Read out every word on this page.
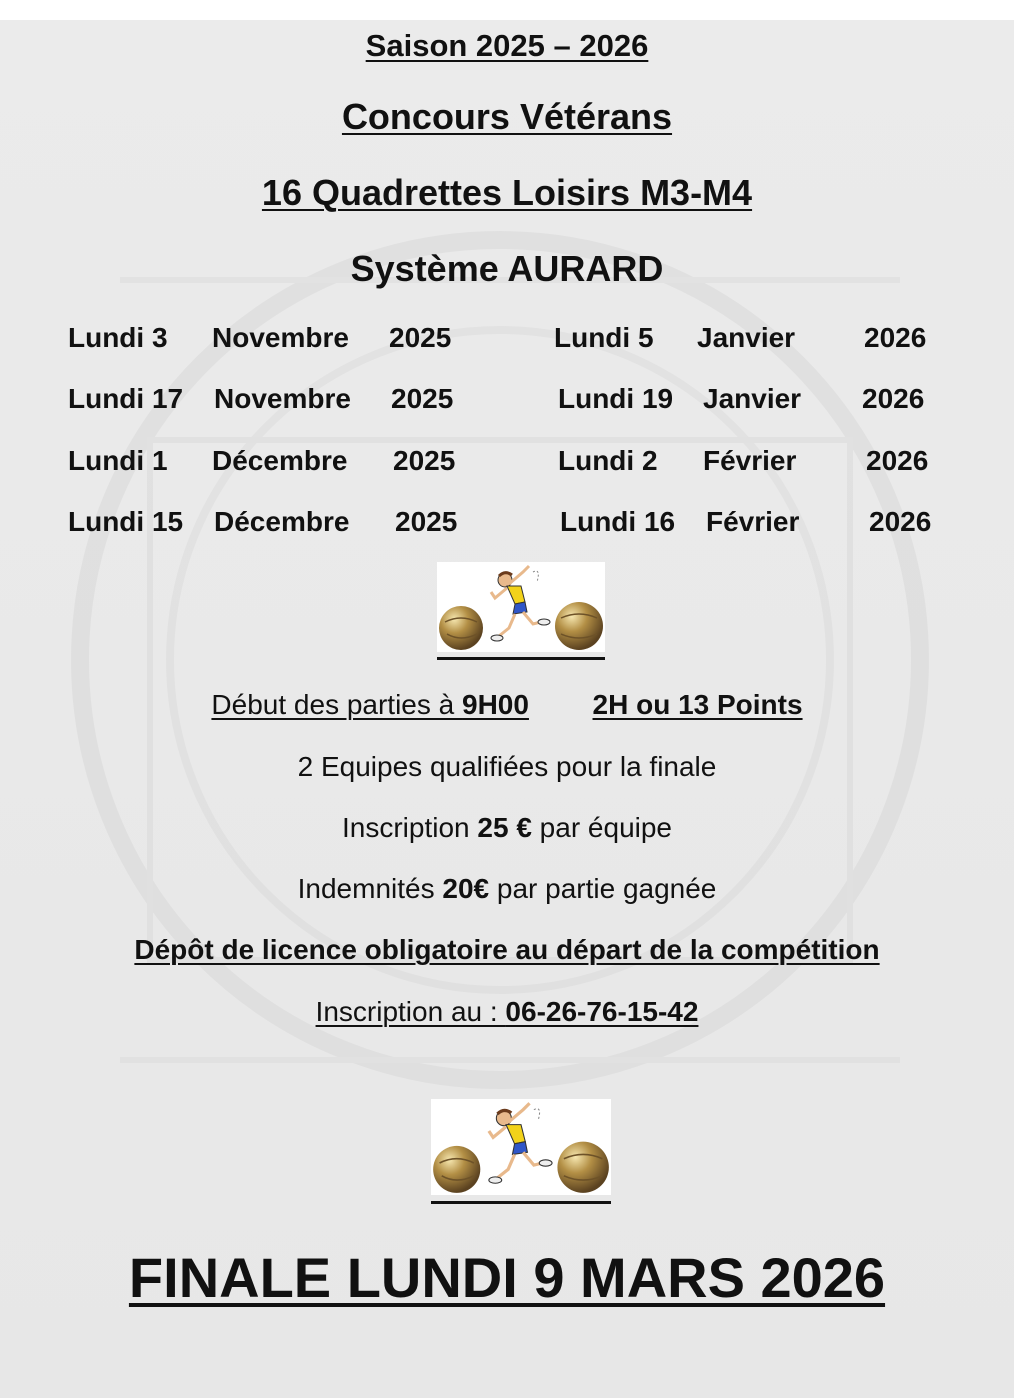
Saison 2025 – 2026
Concours Vétérans
16 Quadrettes Loisirs M3-M4
Système AURARD
Lundi 3 Novembre 2025
Lundi 17 Novembre 2025
Lundi 1 Décembre 2025
Lundi 15 Décembre 2025
Lundi 5 Janvier 2026
Lundi 19 Janvier 2026
Lundi 2 Février 2026
Lundi 16 Février 2026
Début des parties à 9H00 2H ou 13 Points
2 Equipes qualifiées pour la finale
Inscription 25 € par équipe
Indemnités 20€ par partie gagnée
Dépôt de licence obligatoire au départ de la compétition
Inscription au : 06-26-76-15-42
FINALE LUNDI 9 MARS 2026
